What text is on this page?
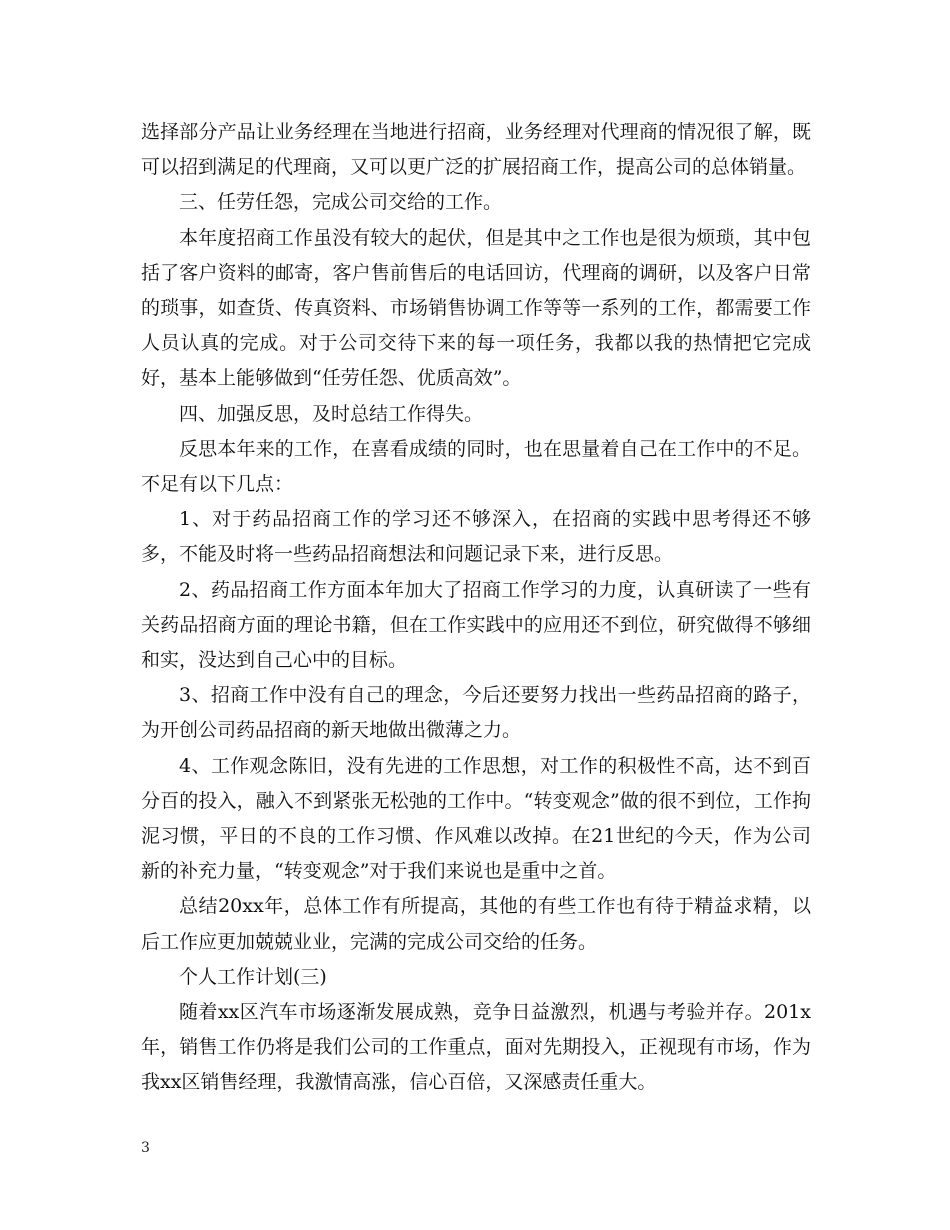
选择部分产品让业务经理在当地进行招商，业务经理对代理商的情况很了解，既可以招到满足的代理商，又可以更广泛的扩展招商工作，提高公司的总体销量。

三、任劳任怨，完成公司交给的工作。

本年度招商工作虽没有较大的起伏，但是其中之工作也是很为烦琐，其中包括了客户资料的邮寄，客户售前售后的电话回访，代理商的调研，以及客户日常的琐事，如查货、传真资料、市场销售协调工作等等一系列的工作，都需要工作人员认真的完成。对于公司交待下来的每一项任务，我都以我的热情把它完成好，基本上能够做到“任劳任怨、优质高效”。

四、加强反思，及时总结工作得失。

反思本年来的工作，在喜看成绩的同时，也在思量着自己在工作中的不足。不足有以下几点：

1、对于药品招商工作的学习还不够深入，在招商的实践中思考得还不够多，不能及时将一些药品招商想法和问题记录下来，进行反思。

2、药品招商工作方面本年加大了招商工作学习的力度，认真研读了一些有关药品招商方面的理论书籍，但在工作实践中的应用还不到位，研究做得不够细和实，没达到自己心中的目标。

3、招商工作中没有自己的理念，今后还要努力找出一些药品招商的路子，为开创公司药品招商的新天地做出微薄之力。

4、工作观念陈旧，没有先进的工作思想，对工作的积极性不高，达不到百分百的投入，融入不到紧张无松弛的工作中。“转变观念”做的很不到位，工作拘泥习惯，平日的不良的工作习惯、作风难以改掉。在21世纪的今天，作为公司新的补充力量，“转变观念”对于我们来说也是重中之首。

总结20xx年，总体工作有所提高，其他的有些工作也有待于精益求精，以后工作应更加兢兢业业，完满的完成公司交给的任务。

个人工作计划(三)

随着xx区汽车市场逐渐发展成熟，竞争日益激烈，机遇与考验并存。201x年，销售工作仍将是我们公司的工作重点，面对先期投入，正视现有市场，作为我xx区销售经理，我激情高涨，信心百倍，又深感责任重大。

3
